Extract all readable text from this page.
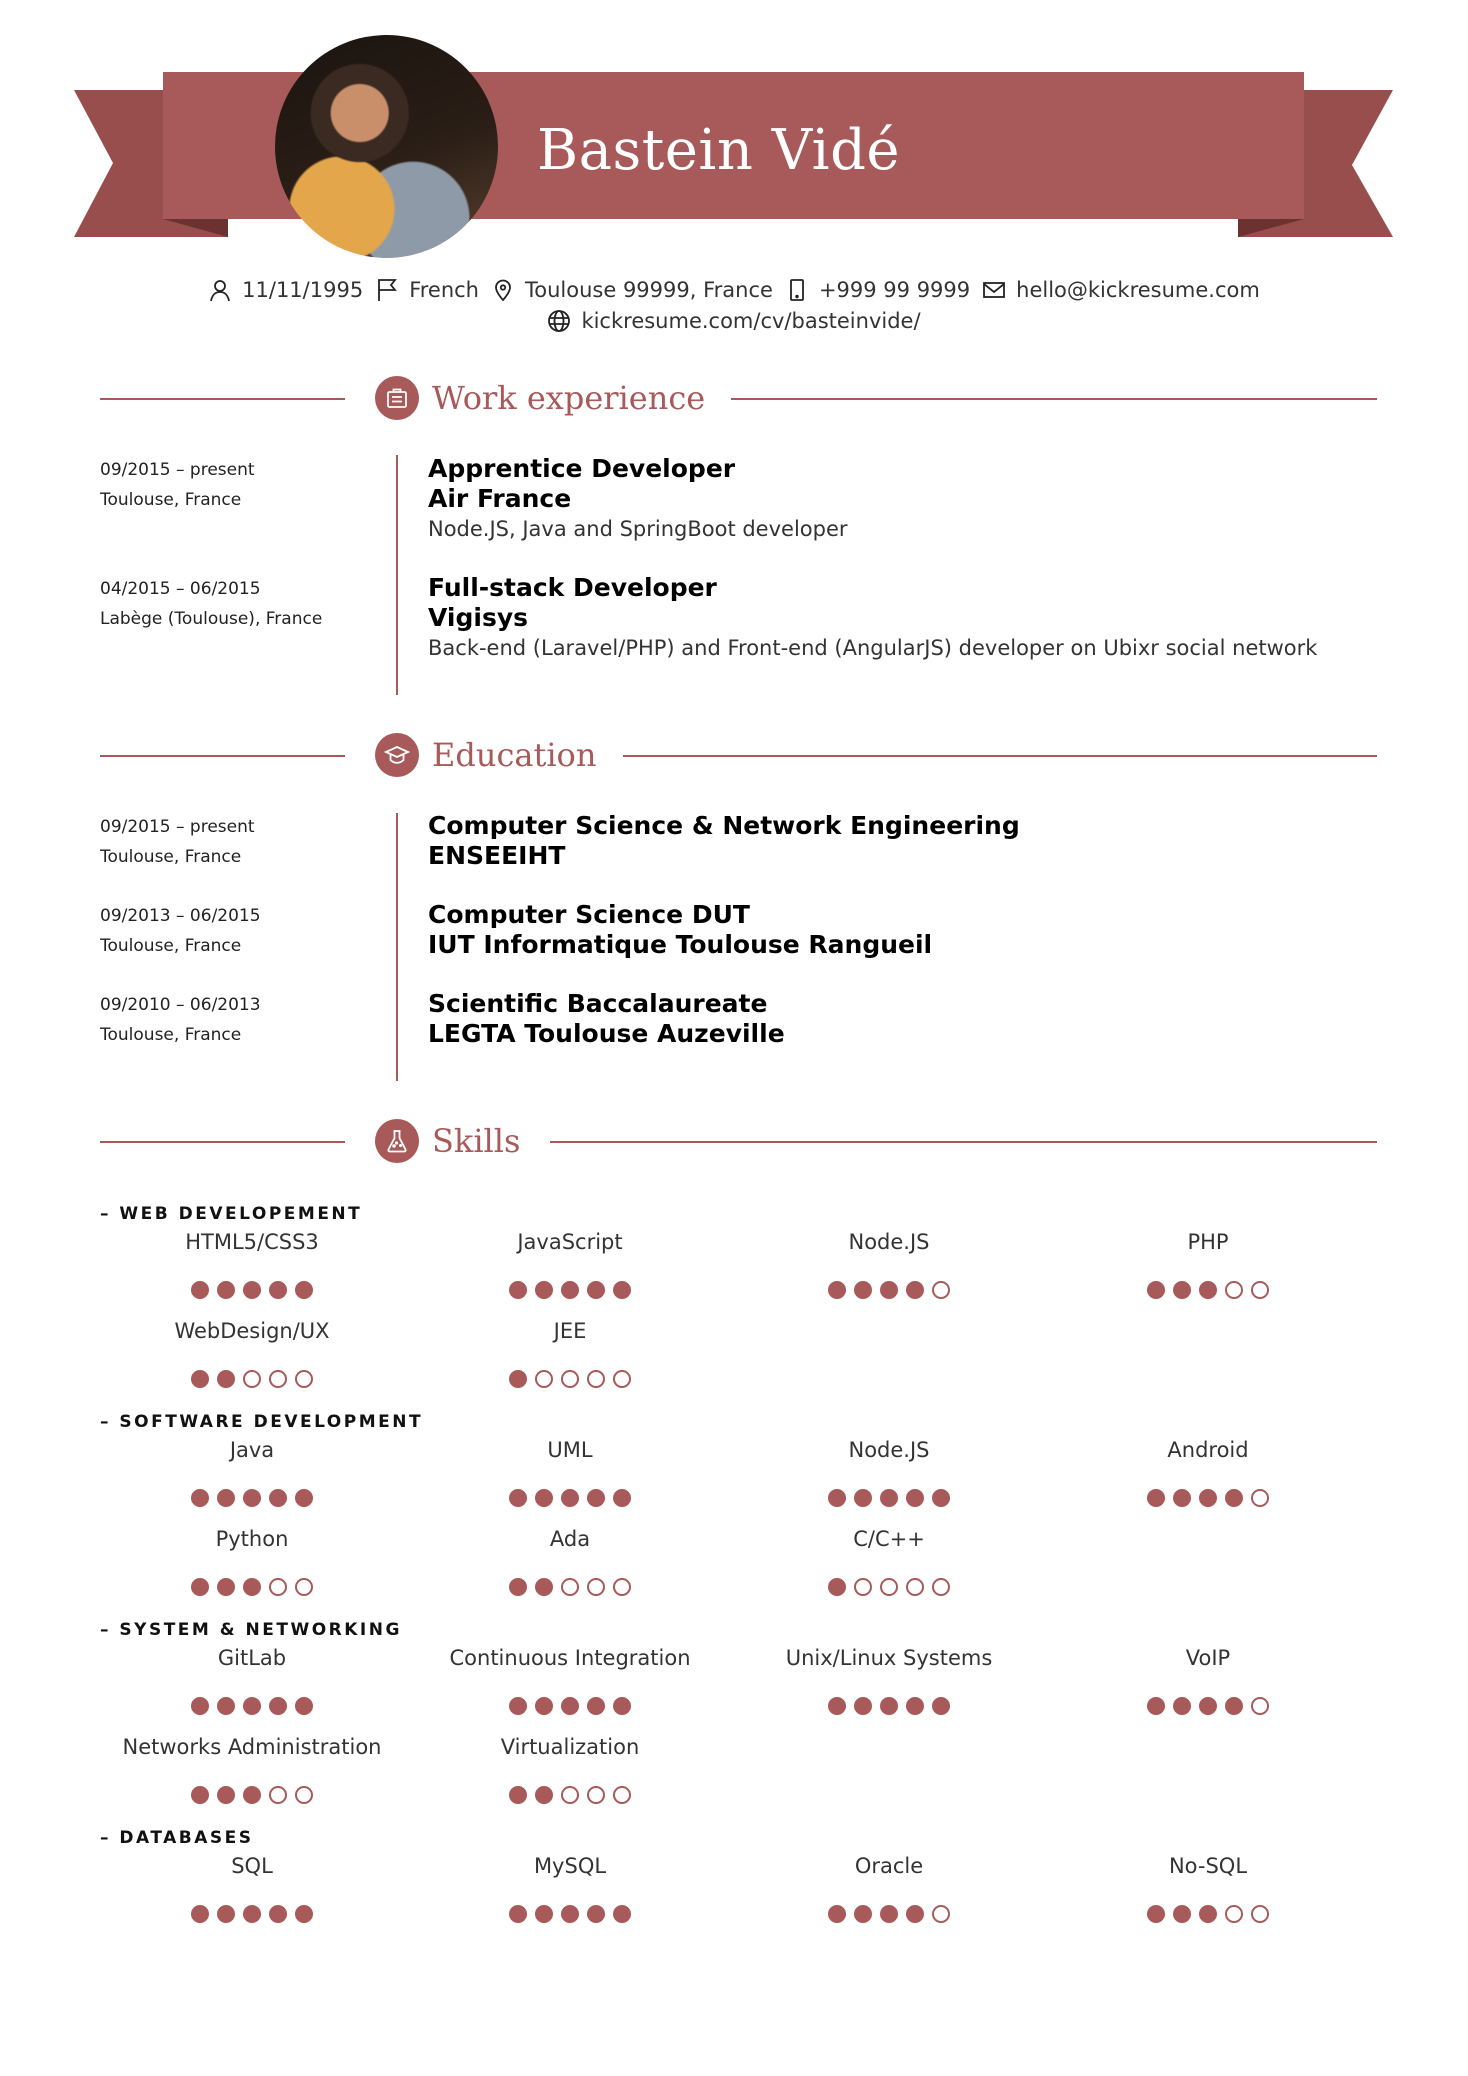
Bastein Vidé
11/11/1995 French Toulouse 99999, France +999 99 9999 hello@kickresume.com
kickresume.com/cv/basteinvide/
Work experience
09/2015 – present
Toulouse, France
Apprentice Developer
Air France
Node.JS, Java and SpringBoot developer
04/2015 – 06/2015
Labège (Toulouse), France
Full-stack Developer
Vigisys
Back-end (Laravel/PHP) and Front-end (AngularJS) developer on Ubixr social network
Education
09/2015 – present
Toulouse, France
Computer Science & Network Engineering
ENSEEIHT
09/2013 – 06/2015
Toulouse, France
Computer Science DUT
IUT Informatique Toulouse Rangueil
09/2010 – 06/2013
Toulouse, France
Scientific Baccalaureate
LEGTA Toulouse Auzeville
Skills
– WEB DEVELOPEMENT
HTML5/CSS3	JavaScript	Node.JS	PHP
WebDesign/UX	JEE
– SOFTWARE DEVELOPMENT
Java	UML	Node.JS	Android
Python	Ada	C/C++
– SYSTEM & NETWORKING
GitLab	Continuous Integration	Unix/Linux Systems	VoIP
Networks Administration	Virtualization
– DATABASES
SQL	MySQL	Oracle	No-SQL
